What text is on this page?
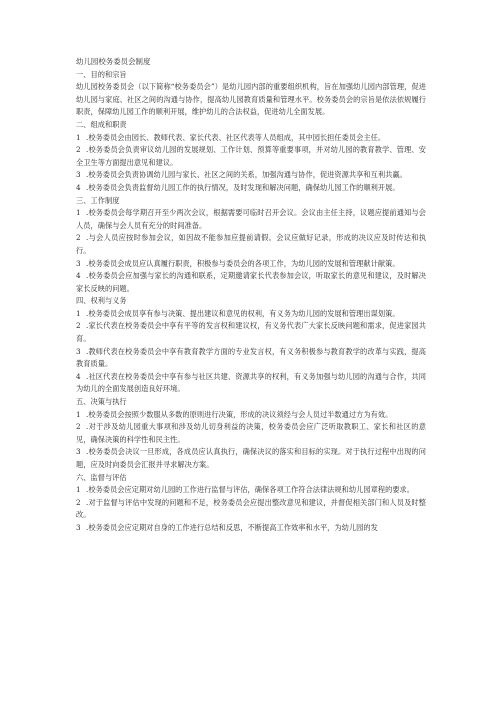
幼儿园校务委员会制度

一、目的和宗旨

幼儿园校务委员会（以下简称“校务委员会”）是幼儿园内部的重要组织机构，旨在加强幼儿园内部管理，促进幼儿园与家庭、社区之间的沟通与协作，提高幼儿园教育质量和管理水平。校务委员会的宗旨是依法依规履行职责，保障幼儿园工作的顺利开展，维护幼儿的合法权益，促进幼儿全面发展。

二、组成和职责

1 .校务委员会由园长、教师代表、家长代表、社区代表等人员组成，其中园长担任委员会主任。

2 .校务委员会负责审议幼儿园的发展规划、工作计划、预算等重要事项，并对幼儿园的教育教学、管理、安全卫生等方面提出意见和建议。

3 .校务委员会负责协调幼儿园与家长、社区之间的关系，加强沟通与协作，促进资源共享和互利共赢。

4 .校务委员会负责监督幼儿园工作的执行情况，及时发现和解决问题，确保幼儿园工作的顺利开展。

三、工作制度

1 .校务委员会每学期召开至少两次会议，根据需要可临时召开会议。会议由主任主持，议题应提前通知与会人员，确保与会人员有充分的时间准备。

2 .与会人员应按时参加会议，如因故不能参加应提前请假。会议应做好记录，形成的决议应及时传达和执行。

3 .校务委员会成员应认真履行职责，积极参与委员会的各项工作，为幼儿园的发展和管理献计献策。

4 .校务委员会应加强与家长的沟通和联系，定期邀请家长代表参加会议，听取家长的意见和建议，及时解决家长反映的问题。

四、权利与义务

1 .校务委员会成员享有参与决策、提出建议和意见的权利，有义务为幼儿园的发展和管理出谋划策。

2 .家长代表在校务委员会中享有平等的发言权和建议权，有义务代表广大家长反映问题和需求，促进家园共育。

3 .教师代表在校务委员会中享有教育教学方面的专业发言权，有义务积极参与教育教学的改革与实践，提高教育质量。

4 .社区代表在校务委员会中享有参与社区共建、资源共享的权利，有义务加强与幼儿园的沟通与合作，共同为幼儿的全面发展创造良好环境。

五、决策与执行

1 .校务委员会按照少数服从多数的原则进行决策，形成的决议须经与会人员过半数通过方为有效。

2 .对于涉及幼儿园重大事项和涉及幼儿切身利益的决策，校务委员会应广泛听取教职工、家长和社区的意见，确保决策的科学性和民主性。

3 .校务委员会决议一旦形成，各成员应认真执行，确保决议的落实和目标的实现。对于执行过程中出现的问题，应及时向委员会汇报并寻求解决方案。

六、监督与评估

1 .校务委员会应定期对幼儿园的工作进行监督与评估，确保各项工作符合法律法规和幼儿园章程的要求。

2 .对于监督与评估中发现的问题和不足，校务委员会应提出整改意见和建议，并督促相关部门和人员及时整改。

3 .校务委员会应定期对自身的工作进行总结和反思，不断提高工作效率和水平，为幼儿园的发
